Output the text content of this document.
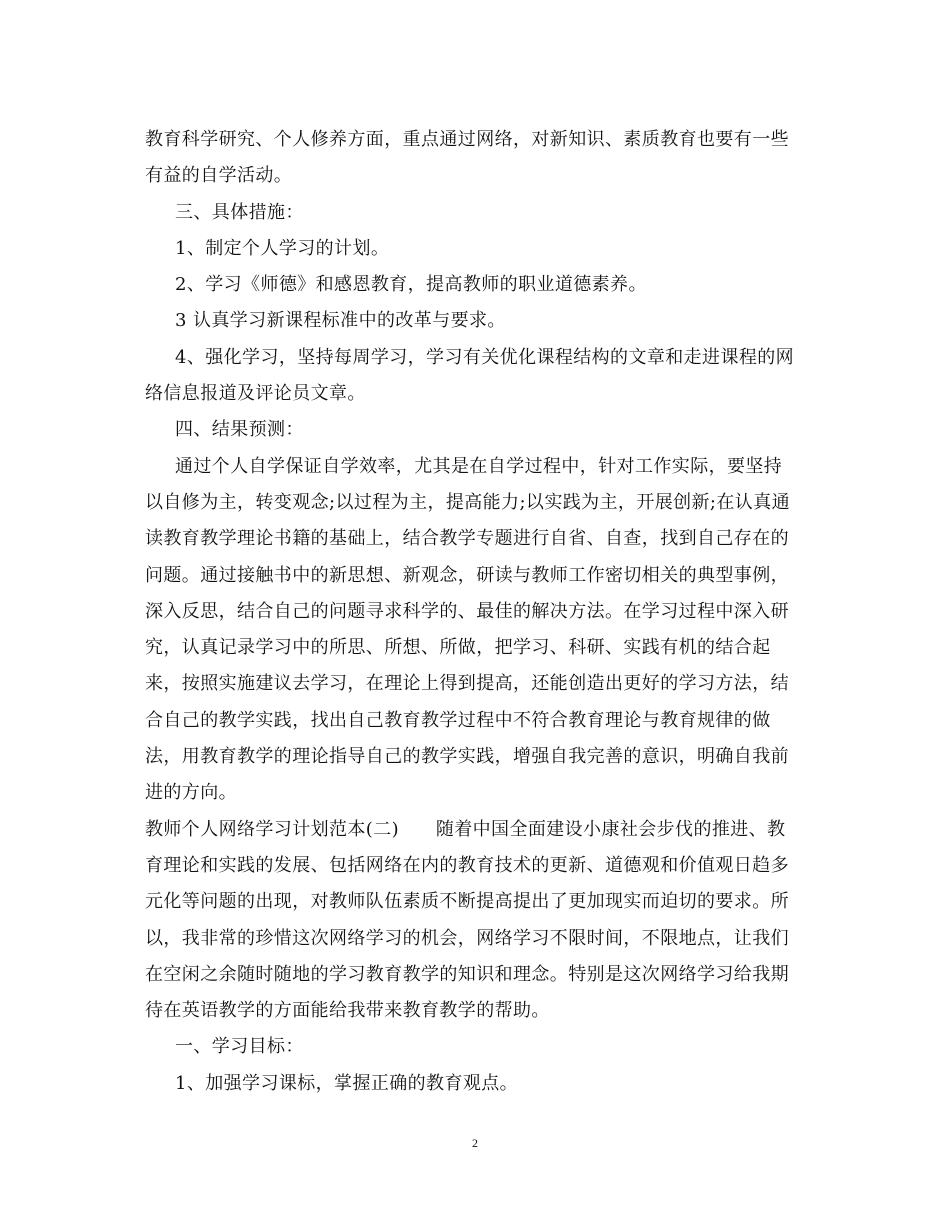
教育科学研究、个人修养方面，重点通过网络，对新知识、素质教育也要有一些
有益的自学活动。
三、具体措施：
1、制定个人学习的计划。
2、学习《师德》和感恩教育，提高教师的职业道德素养。
3 认真学习新课程标准中的改革与要求。
4、强化学习，坚持每周学习，学习有关优化课程结构的文章和走进课程的网
络信息报道及评论员文章。
四、结果预测：
通过个人自学保证自学效率，尤其是在自学过程中，针对工作实际，要坚持
以自修为主，转变观念;以过程为主，提高能力;以实践为主，开展创新;在认真通
读教育教学理论书籍的基础上，结合教学专题进行自省、自查，找到自己存在的
问题。通过接触书中的新思想、新观念，研读与教师工作密切相关的典型事例，
深入反思，结合自己的问题寻求科学的、最佳的解决方法。在学习过程中深入研
究，认真记录学习中的所思、所想、所做，把学习、科研、实践有机的结合起
来，按照实施建议去学习，在理论上得到提高，还能创造出更好的学习方法，结
合自己的教学实践，找出自己教育教学过程中不符合教育理论与教育规律的做
法，用教育教学的理论指导自己的教学实践，增强自我完善的意识，明确自我前
进的方向。
教师个人网络学习计划范本(二)　　随着中国全面建设小康社会步伐的推进、教
育理论和实践的发展、包括网络在内的教育技术的更新、道德观和价值观日趋多
元化等问题的出现，对教师队伍素质不断提高提出了更加现实而迫切的要求。所
以，我非常的珍惜这次网络学习的机会，网络学习不限时间，不限地点，让我们
在空闲之余随时随地的学习教育教学的知识和理念。特别是这次网络学习给我期
待在英语教学的方面能给我带来教育教学的帮助。
一、学习目标：
1、加强学习课标，掌握正确的教育观点。
2
